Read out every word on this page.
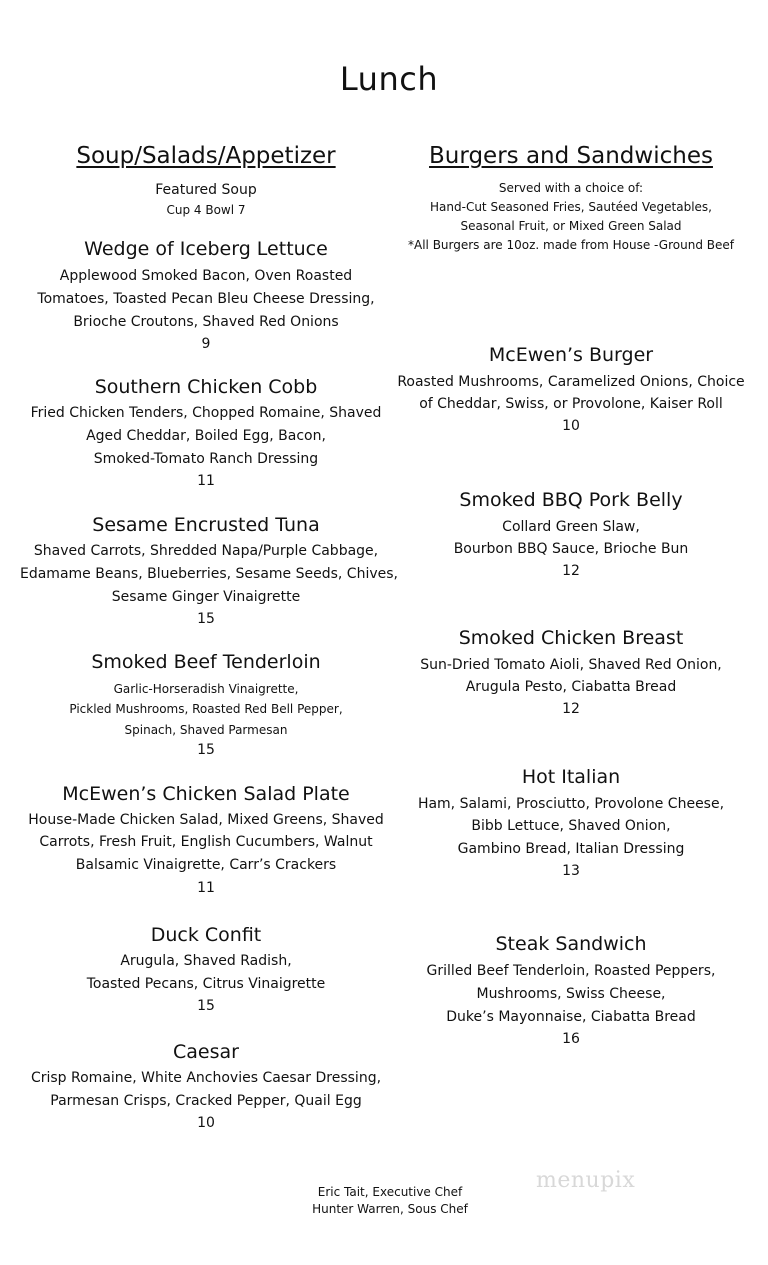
Lunch
Soup/Salads/Appetizer
Featured Soup
Cup 4 Bowl 7
Wedge of Iceberg Lettuce
Applewood Smoked Bacon, Oven Roasted
Tomatoes, Toasted Pecan Bleu Cheese Dressing,
Brioche Croutons, Shaved Red Onions
9
Southern Chicken Cobb
Fried Chicken Tenders, Chopped Romaine, Shaved
Aged Cheddar, Boiled Egg, Bacon,
Smoked-Tomato Ranch Dressing
11
Sesame Encrusted Tuna
Shaved Carrots, Shredded Napa/Purple Cabbage,
Edamame Beans, Blueberries, Sesame Seeds, Chives,
Sesame Ginger Vinaigrette
15
Smoked Beef Tenderloin
Garlic-Horseradish Vinaigrette,
Pickled Mushrooms, Roasted Red Bell Pepper,
Spinach, Shaved Parmesan
15
McEwen’s Chicken Salad Plate
House-Made Chicken Salad, Mixed Greens, Shaved
Carrots, Fresh Fruit, English Cucumbers, Walnut
Balsamic Vinaigrette, Carr’s Crackers
11
Duck Confit
Arugula, Shaved Radish,
Toasted Pecans, Citrus Vinaigrette
15
Caesar
Crisp Romaine, White Anchovies Caesar Dressing,
Parmesan Crisps, Cracked Pepper, Quail Egg
10
Burgers and Sandwiches
Served with a choice of:
Hand-Cut Seasoned Fries, Sautéed Vegetables,
Seasonal Fruit, or Mixed Green Salad
*All Burgers are 10oz. made from House -Ground Beef
McEwen’s Burger
Roasted Mushrooms, Caramelized Onions, Choice
of Cheddar, Swiss, or Provolone, Kaiser Roll
10
Smoked BBQ Pork Belly
Collard Green Slaw,
Bourbon BBQ Sauce, Brioche Bun
12
Smoked Chicken Breast
Sun-Dried Tomato Aioli, Shaved Red Onion,
Arugula Pesto, Ciabatta Bread
12
Hot Italian
Ham, Salami, Prosciutto, Provolone Cheese,
Bibb Lettuce, Shaved Onion,
Gambino Bread, Italian Dressing
13
Steak Sandwich
Grilled Beef Tenderloin, Roasted Peppers,
Mushrooms, Swiss Cheese,
Duke’s Mayonnaise, Ciabatta Bread
16
Eric Tait, Executive Chef
Hunter Warren, Sous Chef
menupix
